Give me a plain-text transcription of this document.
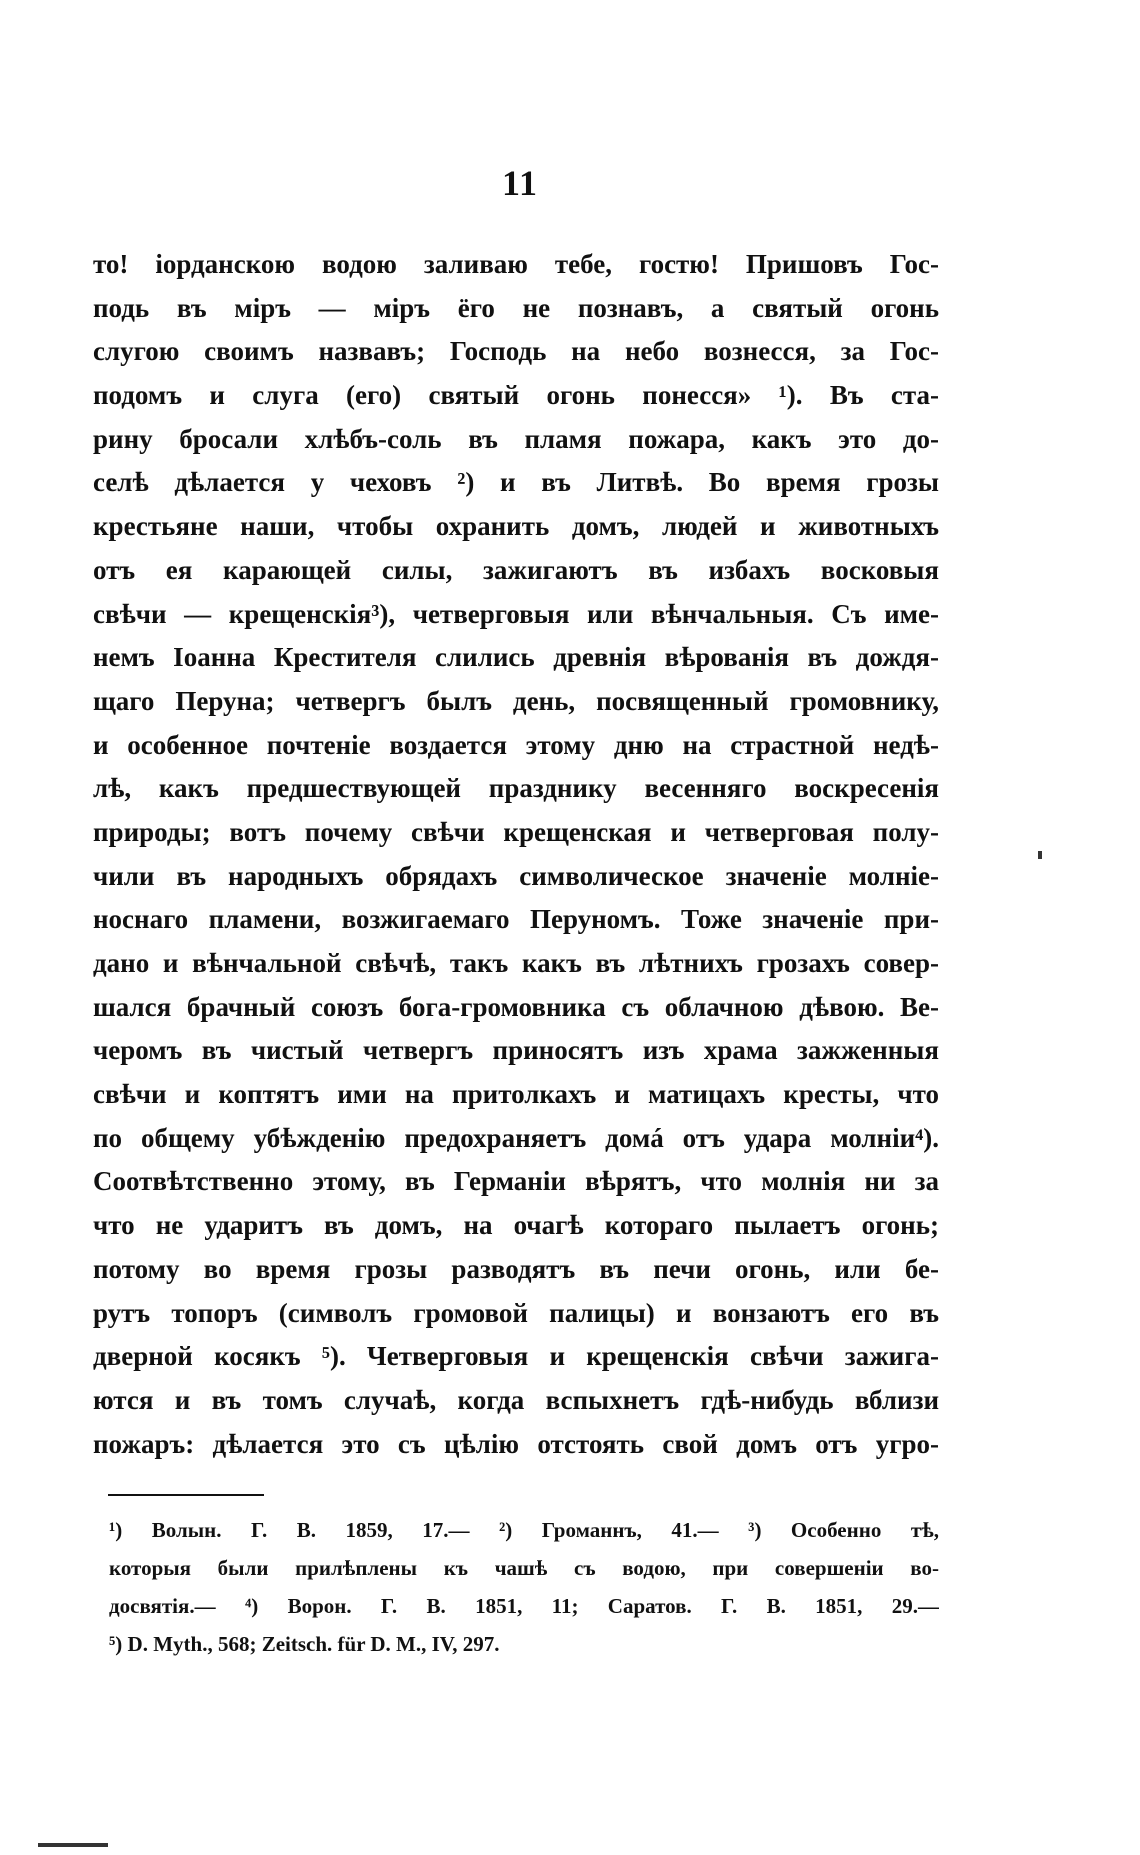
11
то! іорданскою водою заливаю тебе, гостю! Пришовъ Гос-
подь въ міръ — міръ ёго не познавъ, а святый огонь
слугою своимъ назвавъ; Господь на небо вознесся, за Гос-
подомъ и слуга (его) святый огонь понесся» ¹). Въ ста-
рину бросали хлѣбъ-соль въ пламя пожара, какъ это до-
селѣ дѣлается у чеховъ ²) и въ Литвѣ. Во время грозы
крестьяне наши, чтобы охранить домъ, людей и животныхъ
отъ ея карающей силы, зажигаютъ въ избахъ восковыя
свѣчи — крещенскія³), четверговыя или вѣнчальныя. Съ име-
немъ Іоанна Крестителя слились древнія вѣрованія въ дождя-
щаго Перуна; четвергъ былъ день, посвященный громовнику,
и особенное почтеніе воздается этому дню на страстной недѣ-
лѣ, какъ предшествующей празднику весенняго воскресенія
природы; вотъ почему свѣчи крещенская и четверговая полу-
чили въ народныхъ обрядахъ символическое значеніе молніе-
носнаго пламени, возжигаемаго Перуномъ. Тоже значеніе при-
дано и вѣнчальной свѣчѣ, такъ какъ въ лѣтнихъ грозахъ совер-
шался брачный союзъ бога-громовника съ облачною дѣвою. Ве-
черомъ въ чистый четвергъ приносятъ изъ храма зажженныя
свѣчи и коптятъ ими на притолкахъ и матицахъ кресты, что
по общему убѣжденію предохраняетъ домá отъ удара молніи⁴).
Соотвѣтственно этому, въ Германіи вѣрятъ, что молнія ни за
что не ударитъ въ домъ, на очагѣ котораго пылаетъ огонь;
потому во время грозы разводятъ въ печи огонь, или бе-
рутъ топоръ (символъ громовой палицы) и вонзаютъ его въ
дверной косякъ ⁵). Четверговыя и крещенскія свѣчи зажига-
ются и въ томъ случаѣ, когда вспыхнетъ гдѣ-нибудь вблизи
пожаръ: дѣлается это съ цѣлію отстоять свой домъ отъ угро-
¹) Волын. Г. В. 1859, 17.— ²) Громаннъ, 41.— ³) Особенно тѣ,
которыя были прилѣплены къ чашѣ съ водою, при совершеніи во-
досвятія.— ⁴) Ворон. Г. В. 1851, 11; Саратов. Г. В. 1851, 29.—
⁵) D. Myth., 568; Zeitsch. für D. M., IV, 297.
